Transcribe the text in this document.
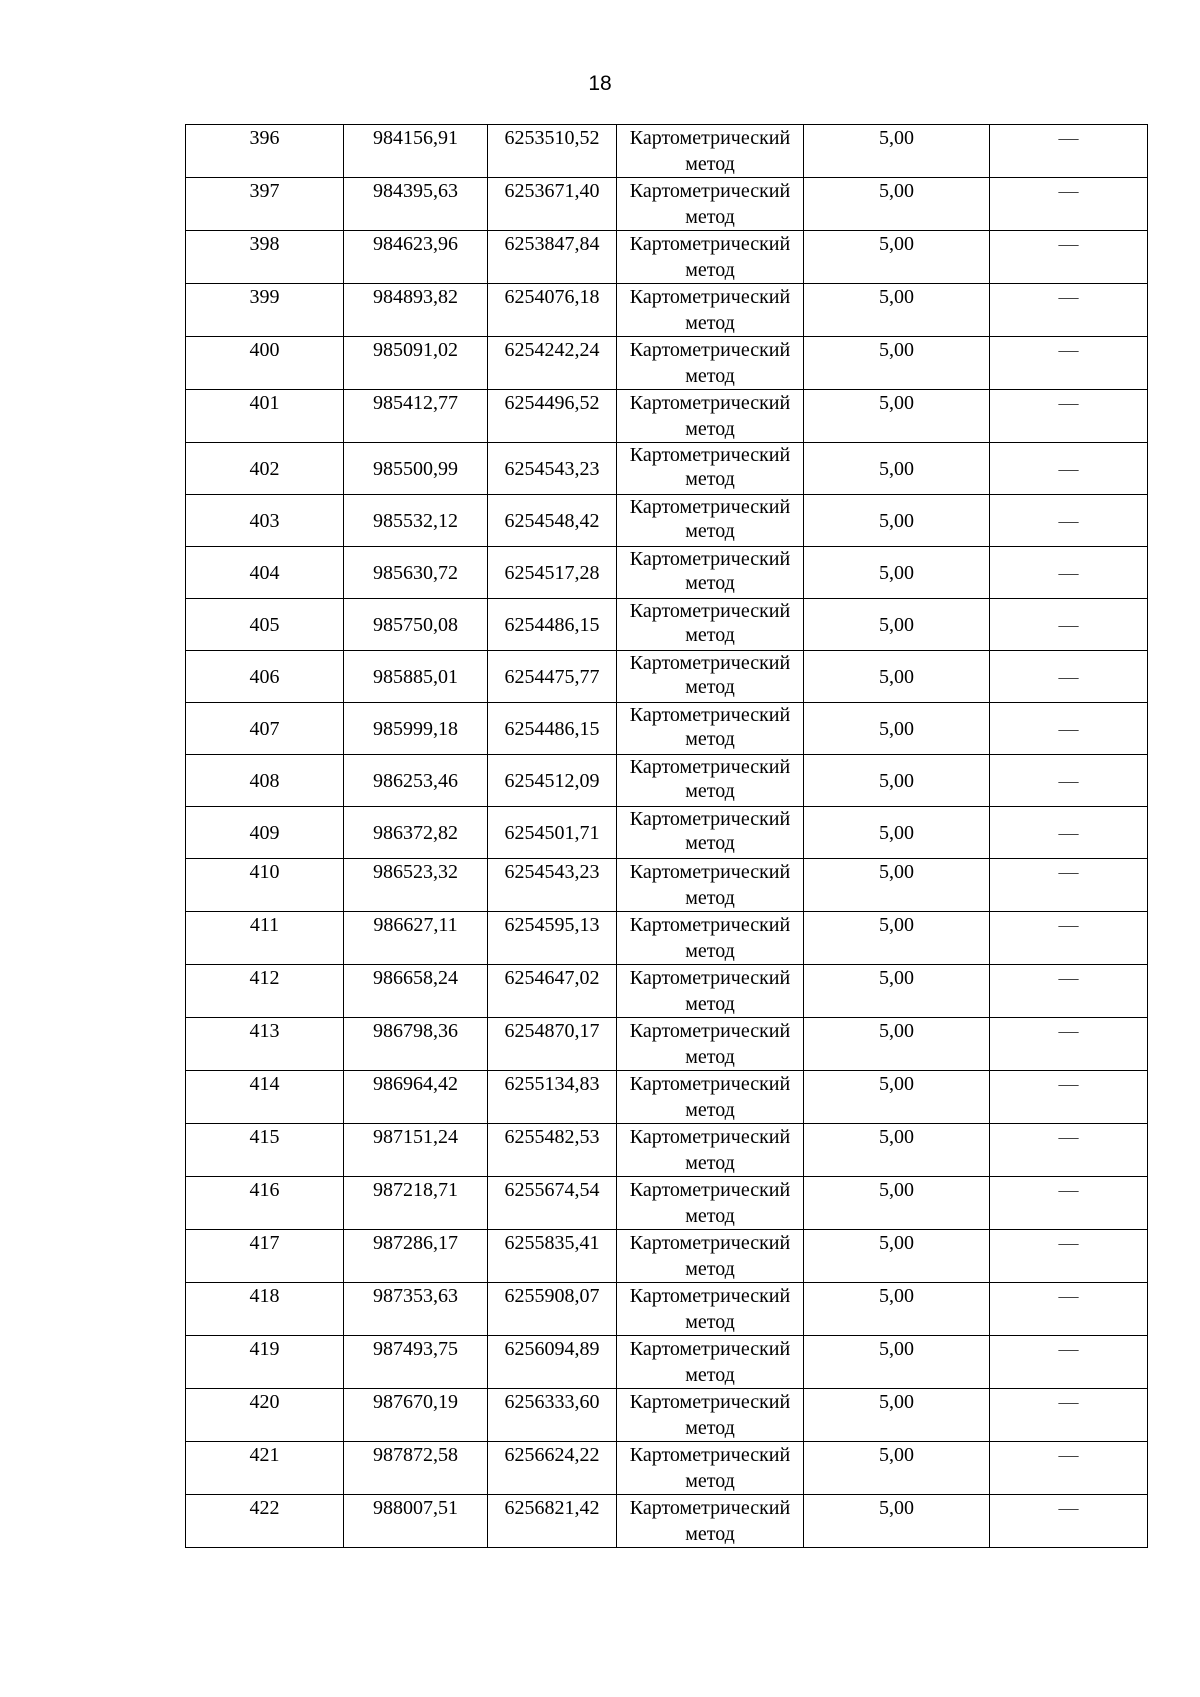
18
396	984156,91	6253510,52	Картометрический метод	5,00	—
397	984395,63	6253671,40	Картометрический метод	5,00	—
398	984623,96	6253847,84	Картометрический метод	5,00	—
399	984893,82	6254076,18	Картометрический метод	5,00	—
400	985091,02	6254242,24	Картометрический метод	5,00	—
401	985412,77	6254496,52	Картометрический метод	5,00	—
402	985500,99	6254543,23	Картометрический метод	5,00	—
403	985532,12	6254548,42	Картометрический метод	5,00	—
404	985630,72	6254517,28	Картометрический метод	5,00	—
405	985750,08	6254486,15	Картометрический метод	5,00	—
406	985885,01	6254475,77	Картометрический метод	5,00	—
407	985999,18	6254486,15	Картометрический метод	5,00	—
408	986253,46	6254512,09	Картометрический метод	5,00	—
409	986372,82	6254501,71	Картометрический метод	5,00	—
410	986523,32	6254543,23	Картометрический метод	5,00	—
411	986627,11	6254595,13	Картометрический метод	5,00	—
412	986658,24	6254647,02	Картометрический метод	5,00	—
413	986798,36	6254870,17	Картометрический метод	5,00	—
414	986964,42	6255134,83	Картометрический метод	5,00	—
415	987151,24	6255482,53	Картометрический метод	5,00	—
416	987218,71	6255674,54	Картометрический метод	5,00	—
417	987286,17	6255835,41	Картометрический метод	5,00	—
418	987353,63	6255908,07	Картометрический метод	5,00	—
419	987493,75	6256094,89	Картометрический метод	5,00	—
420	987670,19	6256333,60	Картометрический метод	5,00	—
421	987872,58	6256624,22	Картометрический метод	5,00	—
422	988007,51	6256821,42	Картометрический метод	5,00	—
